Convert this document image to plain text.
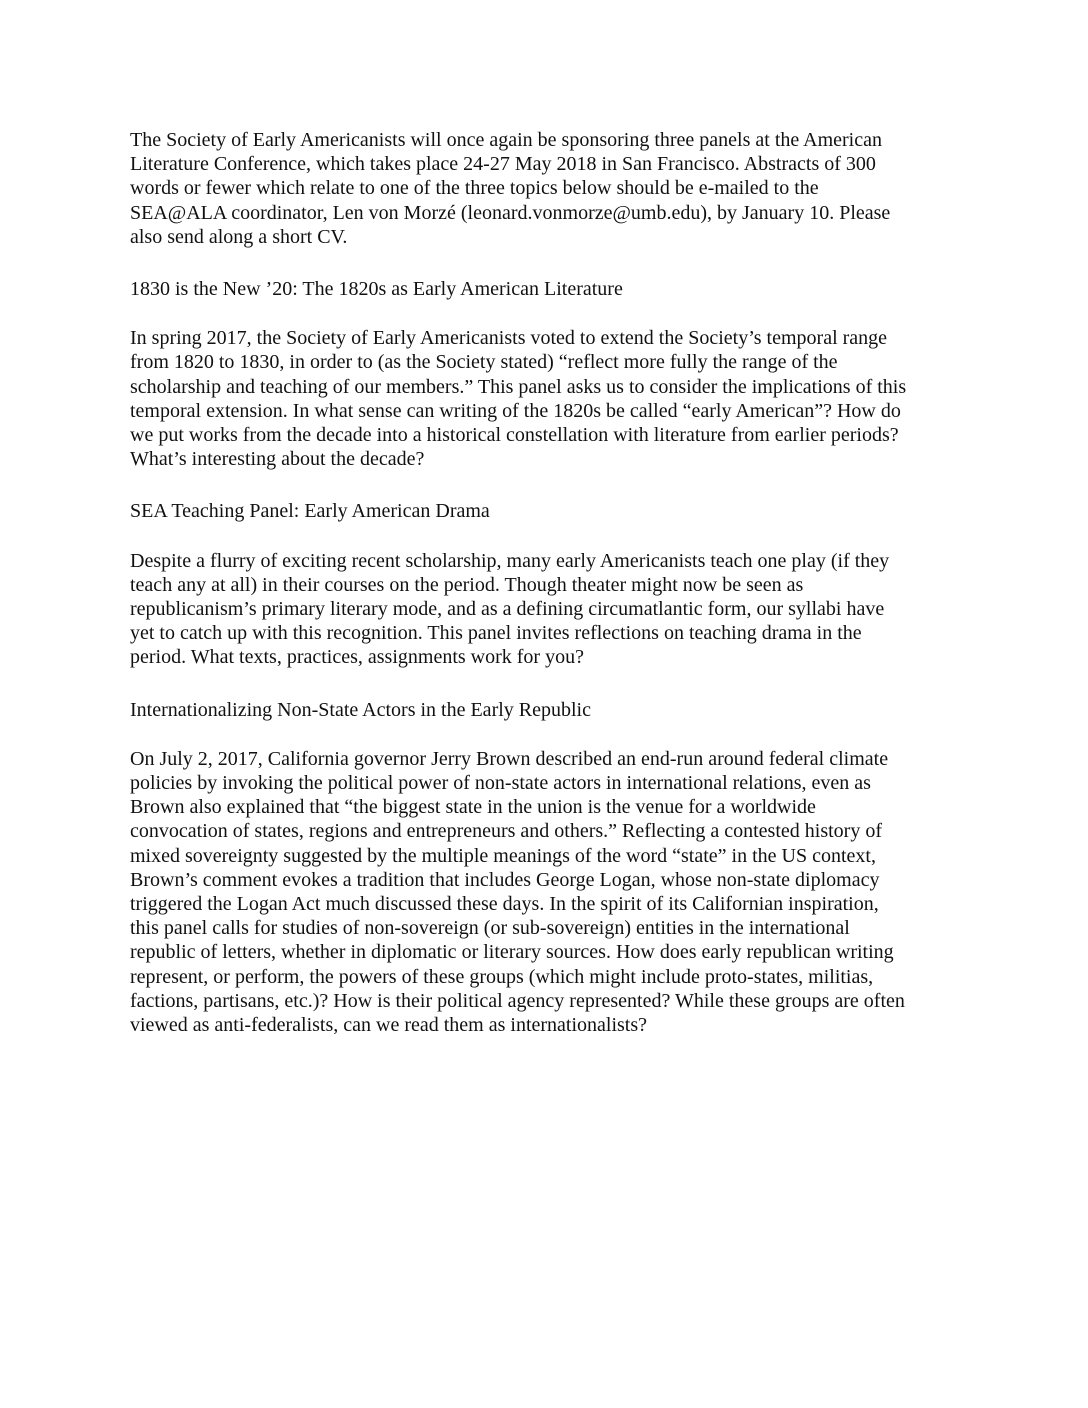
The Society of Early Americanists will once again be sponsoring three panels at the American
Literature Conference, which takes place 24-27 May 2018 in San Francisco. Abstracts of 300
words or fewer which relate to one of the three topics below should be e-mailed to the
SEA@ALA coordinator, Len von Morzé (leonard.vonmorze@umb.edu), by January 10. Please
also send along a short CV.

1830 is the New ’20: The 1820s as Early American Literature

In spring 2017, the Society of Early Americanists voted to extend the Society’s temporal range
from 1820 to 1830, in order to (as the Society stated) “reflect more fully the range of the
scholarship and teaching of our members.” This panel asks us to consider the implications of this
temporal extension. In what sense can writing of the 1820s be called “early American”? How do
we put works from the decade into a historical constellation with literature from earlier periods?
What’s interesting about the decade?

SEA Teaching Panel: Early American Drama

Despite a flurry of exciting recent scholarship, many early Americanists teach one play (if they
teach any at all) in their courses on the period. Though theater might now be seen as
republicanism’s primary literary mode, and as a defining circumatlantic form, our syllabi have
yet to catch up with this recognition. This panel invites reflections on teaching drama in the
period. What texts, practices, assignments work for you?

Internationalizing Non-State Actors in the Early Republic

On July 2, 2017, California governor Jerry Brown described an end-run around federal climate
policies by invoking the political power of non-state actors in international relations, even as
Brown also explained that “the biggest state in the union is the venue for a worldwide
convocation of states, regions and entrepreneurs and others.” Reflecting a contested history of
mixed sovereignty suggested by the multiple meanings of the word “state” in the US context,
Brown’s comment evokes a tradition that includes George Logan, whose non-state diplomacy
triggered the Logan Act much discussed these days. In the spirit of its Californian inspiration,
this panel calls for studies of non-sovereign (or sub-sovereign) entities in the international
republic of letters, whether in diplomatic or literary sources. How does early republican writing
represent, or perform, the powers of these groups (which might include proto-states, militias,
factions, partisans, etc.)? How is their political agency represented? While these groups are often
viewed as anti-federalists, can we read them as internationalists?
